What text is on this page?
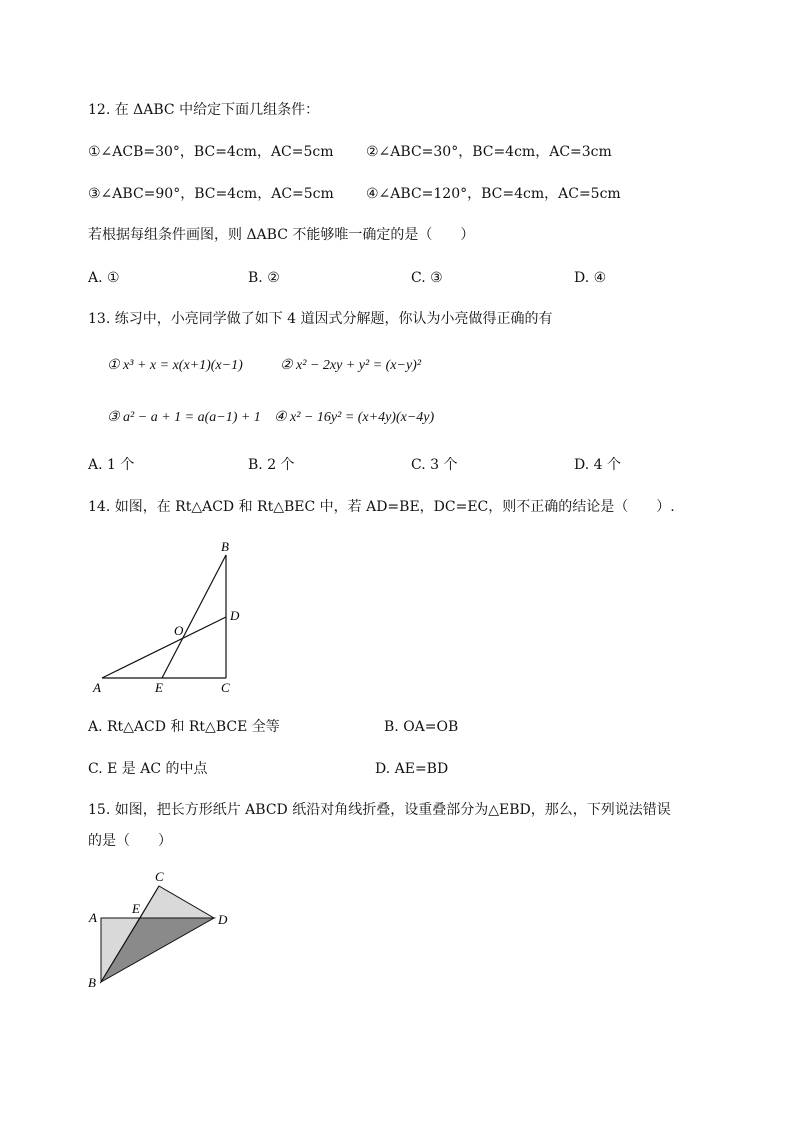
12. 在 ΔABC 中给定下面几组条件：
①∠ACB=30°，BC=4cm，AC=5cm ②∠ABC=30°，BC=4cm，AC=3cm
③∠ABC=90°，BC=4cm，AC=5cm ④∠ABC=120°，BC=4cm，AC=5cm
若根据每组条件画图，则 ΔABC 不能够唯一确定的是（　　）
A. ①	B. ②	C. ③	D. ④
13. 练习中，小亮同学做了如下 4 道因式分解题，你认为小亮做得正确的有
① x³ + x = x(x+1)(x−1)	② x² − 2xy + y² = (x−y)²
③ a² − a + 1 = a(a−1) + 1 ④ x² − 16y² = (x+4y)(x−4y)
A. 1 个	B. 2 个	C. 3 个	D. 4 个
14. 如图，在 Rt△ACD 和 Rt△BEC 中，若 AD=BE，DC=EC，则不正确的结论是（　　）.
B
D
O
A	E	C
A. Rt△ACD 和 Rt△BCE 全等	B. OA=OB
C. E 是 AC 的中点	D. AE=BD
15. 如图，把长方形纸片 ABCD 纸沿对角线折叠，设重叠部分为△EBD，那么，下列说法错误
的是（　　）
C
A
E
D
B
